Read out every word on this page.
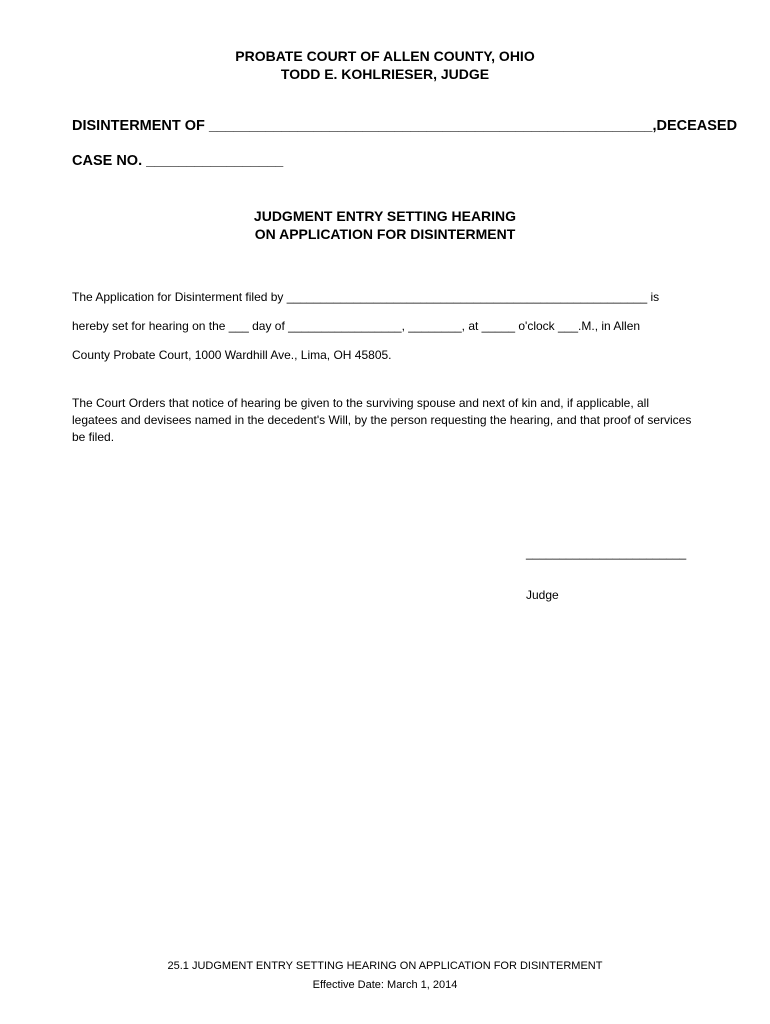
PROBATE COURT OF ALLEN COUNTY, OHIO
TODD E. KOHLRIESER, JUDGE
DISINTERMENT OF _______________________________________________________,DECEASED
CASE NO. _________________
JUDGMENT ENTRY SETTING HEARING
ON APPLICATION FOR DISINTERMENT
The Application for Disinterment filed by ______________________________________________________ is
hereby set for hearing on the ___ day of _________________, ________, at _____ o'clock ___.M., in Allen
County Probate Court, 1000 Wardhill Ave., Lima, OH 45805.
The Court Orders that notice of hearing be given to the surviving spouse and next of kin and, if applicable, all legatees and devisees named in the decedent's Will, by the person requesting the hearing, and that proof of services be filed.

________________________

Judge

25.1 JUDGMENT ENTRY SETTING HEARING ON APPLICATION FOR DISINTERMENT
Effective Date: March 1, 2014
